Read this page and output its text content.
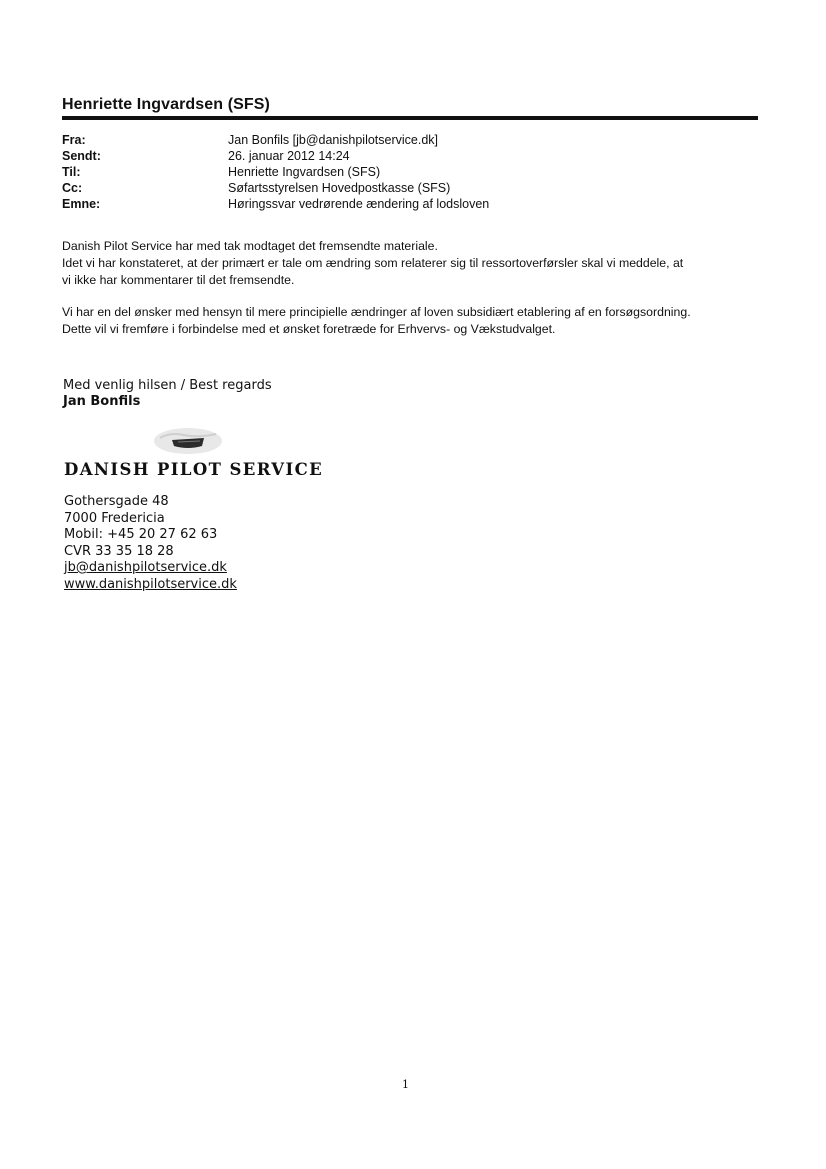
Henriette Ingvardsen (SFS)
Fra:	Jan Bonfils [jb@danishpilotservice.dk]
Sendt:	26. januar 2012 14:24
Til:	Henriette Ingvardsen (SFS)
Cc:	Søfartsstyrelsen Hovedpostkasse (SFS)
Emne:	Høringssvar vedrørende ændering af lodsloven

Danish Pilot Service har med tak modtaget det fremsendte materiale.
Idet vi har konstateret, at der primært er tale om ændring som relaterer sig til ressortoverførsler skal vi meddele, at
vi ikke har kommentarer til det fremsendte.

Vi har en del ønsker med hensyn til mere principielle ændringer af loven subsidiært etablering af en forsøgsordning.
Dette vil vi fremføre i forbindelse med et ønsket foretræde for Erhvervs- og Vækstudvalget.

Med venlig hilsen / Best regards
Jan Bonfils
DANISH PILOT SERVICE
Gothersgade 48
7000 Fredericia
Mobil: +45 20 27 62 63
CVR 33 35 18 28
jb@danishpilotservice.dk
www.danishpilotservice.dk
1
